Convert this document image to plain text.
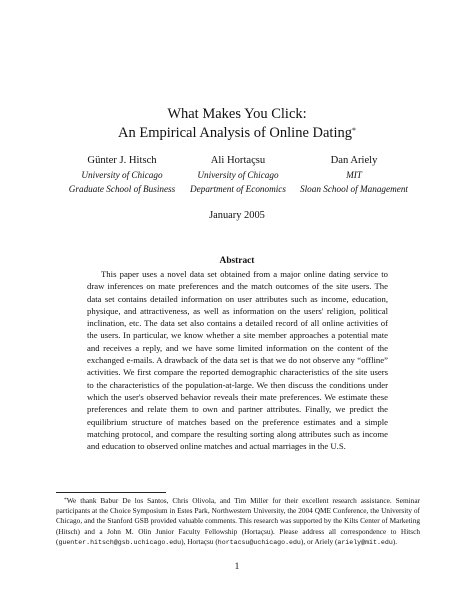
What Makes You Click:
An Empirical Analysis of Online Dating*
Günter J. Hitsch
University of Chicago
Graduate School of Business
Ali Hortaçsu
University of Chicago
Department of Economics
Dan Ariely
MIT
Sloan School of Management
January 2005
Abstract
This paper uses a novel data set obtained from a major online dating service to draw inferences on mate preferences and the match outcomes of the site users. The data set contains detailed information on user attributes such as income, education, physique, and attractiveness, as well as information on the users' religion, political inclination, etc. The data set also contains a detailed record of all online activities of the users. In particular, we know whether a site member approaches a potential mate and receives a reply, and we have some limited information on the content of the exchanged e-mails. A drawback of the data set is that we do not observe any “offline” activities. We first compare the reported demographic characteristics of the site users to the characteristics of the population-at-large. We then discuss the conditions under which the user's observed behavior reveals their mate preferences. We estimate these preferences and relate them to own and partner attributes. Finally, we predict the equilibrium structure of matches based on the preference estimates and a simple matching protocol, and compare the resulting sorting along attributes such as income and education to observed online matches and actual marriages in the U.S.
*We thank Babur De los Santos, Chris Olivola, and Tim Miller for their excellent research assistance. Seminar participants at the Choice Symposium in Estes Park, Northwestern University, the 2004 QME Conference, the University of Chicago, and the Stanford GSB provided valuable comments. This research was supported by the Kilts Center of Marketing (Hitsch) and a John M. Olin Junior Faculty Fellowship (Hortaçsu). Please address all correspondence to Hitsch (guenter.hitsch@gsb.uchicago.edu), Hortaçsu (hortacsu@uchicago.edu), or Ariely (ariely@mit.edu).
1
